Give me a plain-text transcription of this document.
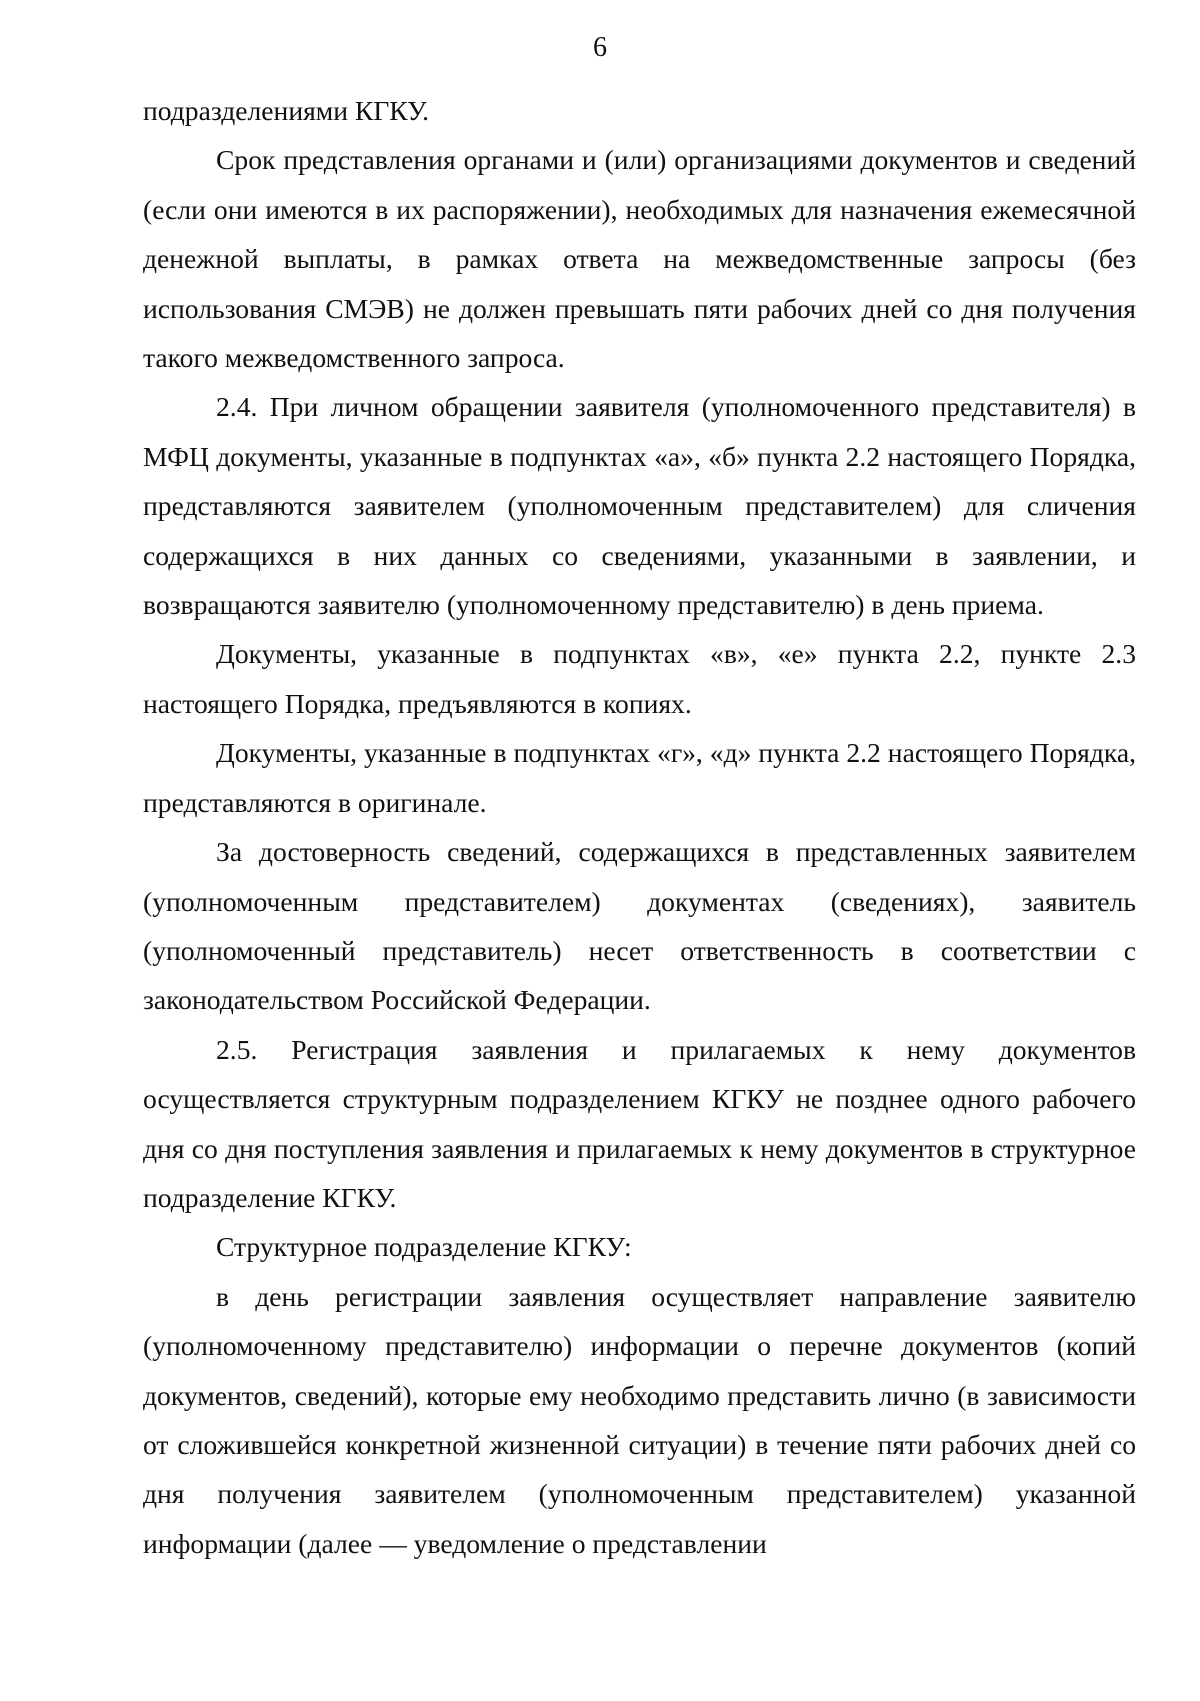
6

подразделениями КГКУ.

Срок представления органами и (или) организациями документов и сведений (если они имеются в их распоряжении), необходимых для назначения ежемесячной денежной выплаты, в рамках ответа на межведомственные запросы (без использования СМЭВ) не должен превышать пяти рабочих дней со дня получения такого межведомственного запроса.

2.4. При личном обращении заявителя (уполномоченного представителя) в МФЦ документы, указанные в подпунктах «а», «б» пункта 2.2 настоящего Порядка, представляются заявителем (уполномоченным представителем) для сличения содержащихся в них данных со сведениями, указанными в заявлении, и возвращаются заявителю (уполномоченному представителю) в день приема.

Документы, указанные в подпунктах «в», «е» пункта 2.2, пункте 2.3 настоящего Порядка, предъявляются в копиях.

Документы, указанные в подпунктах «г», «д» пункта 2.2 настоящего Порядка, представляются в оригинале.

За достоверность сведений, содержащихся в представленных заявителем (уполномоченным представителем) документах (сведениях), заявитель (уполномоченный представитель) несет ответственность в соответствии с законодательством Российской Федерации.

2.5. Регистрация заявления и прилагаемых к нему документов осуществляется структурным подразделением КГКУ не позднее одного рабочего дня со дня поступления заявления и прилагаемых к нему документов в структурное подразделение КГКУ.

Структурное подразделение КГКУ:

в день регистрации заявления осуществляет направление заявителю (уполномоченному представителю) информации о перечне документов (копий документов, сведений), которые ему необходимо представить лично (в зависимости от сложившейся конкретной жизненной ситуации) в течение пяти рабочих дней со дня получения заявителем (уполномоченным представителем) указанной информации (далее — уведомление о представлении
